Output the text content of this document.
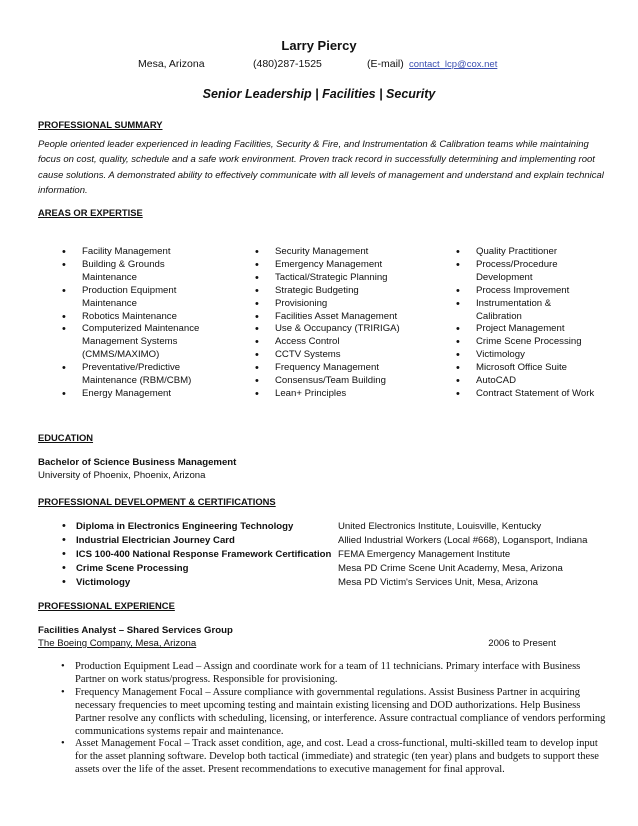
Larry Piercy
Mesa, Arizona	(480)287-1525	(E-mail) contact_lcp@cox.net
Senior Leadership | Facilities | Security
PROFESSIONAL SUMMARY
People oriented leader experienced in leading Facilities, Security & Fire, and Instrumentation & Calibration teams while maintaining focus on cost, quality, schedule and a safe work environment. Proven track record in successfully determining and implementing root cause solutions. A demonstrated ability to effectively communicate with all levels of management and understand and explain technical information.
AREAS OR EXPERTISE
• Facility Management
• Building & Grounds Maintenance
• Production Equipment Maintenance
• Robotics Maintenance
• Computerized Maintenance Management Systems (CMMS/MAXIMO)
• Preventative/Predictive Maintenance (RBM/CBM)
• Energy Management
• Security Management
• Emergency Management
• Tactical/Strategic Planning
• Strategic Budgeting
• Provisioning
• Facilities Asset Management
• Use & Occupancy (TRIRIGA)
• Access Control
• CCTV Systems
• Frequency Management
• Consensus/Team Building
• Lean+ Principles
• Quality Practitioner
• Process/Procedure Development
• Process Improvement
• Instrumentation & Calibration
• Project Management
• Crime Scene Processing
• Victimology
• Microsoft Office Suite
• AutoCAD
• Contract Statement of Work
EDUCATION
Bachelor of Science Business Management
University of Phoenix, Phoenix, Arizona
PROFESSIONAL DEVELOPMENT & CERTIFICATIONS
• Diploma in Electronics Engineering Technology	United Electronics Institute, Louisville, Kentucky
• Industrial Electrician Journey Card	Allied Industrial Workers (Local #668), Logansport, Indiana
• ICS 100-400 National Response Framework Certification FEMA Emergency Management Institute
• Crime Scene Processing	Mesa PD Crime Scene Unit Academy, Mesa, Arizona
• Victimology	Mesa PD Victim's Services Unit, Mesa, Arizona
PROFESSIONAL EXPERIENCE
Facilities Analyst – Shared Services Group
The Boeing Company, Mesa, Arizona	2006 to Present
• Production Equipment Lead – Assign and coordinate work for a team of 11 technicians. Primary interface with Business Partner on work status/progress. Responsible for provisioning.
• Frequency Management Focal – Assure compliance with governmental regulations. Assist Business Partner in acquiring necessary frequencies to meet upcoming testing and maintain existing licensing and DOD authorizations. Help Business Partner resolve any conflicts with scheduling, licensing, or interference. Assure contractual compliance of vendors performing communications systems repair and maintenance.
• Asset Management Focal – Track asset condition, age, and cost. Lead a cross-functional, multi-skilled team to develop input for the asset planning software. Develop both tactical (immediate) and strategic (ten year) plans and budgets to support these assets over the life of the asset. Present recommendations to executive management for final approval.
